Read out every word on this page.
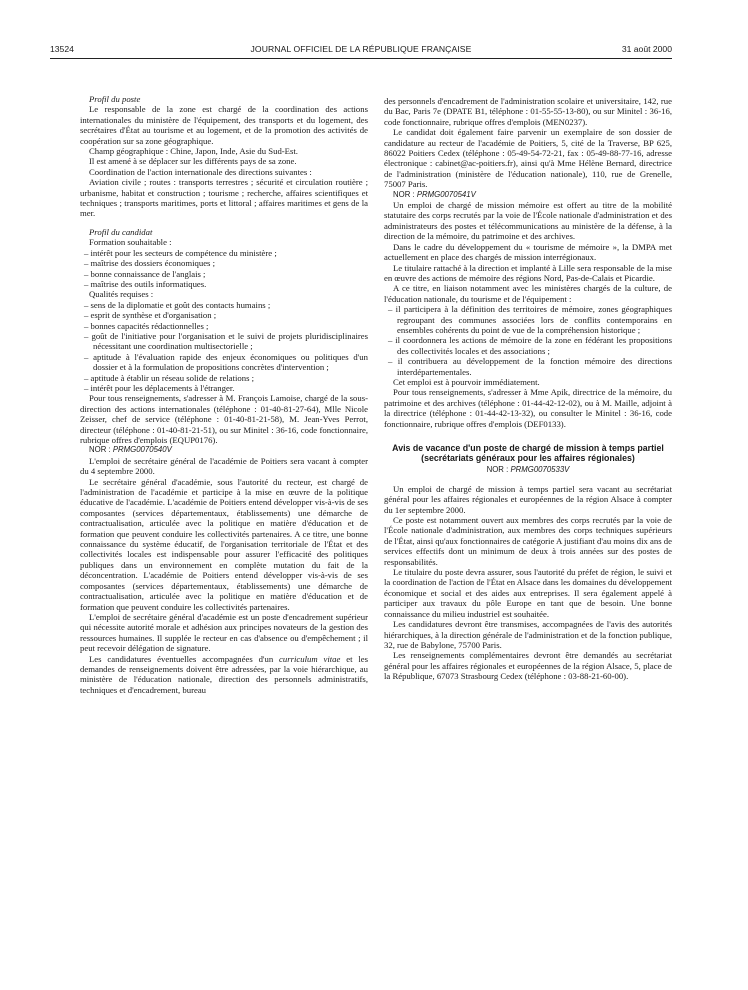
13524	JOURNAL OFFICIEL DE LA RÉPUBLIQUE FRANÇAISE	31 août 2000

Profil du poste

Le responsable de la zone est chargé de la coordination des actions internationales du ministère de l'équipement, des transports et du logement, des secrétaires d'État au tourisme et au logement, et de la promotion des activités de coopération sur sa zone géographique.

Champ géographique : Chine, Japon, Inde, Asie du Sud-Est.

Il est amené à se déplacer sur les différents pays de sa zone.

Coordination de l'action internationale des directions suivantes :

Aviation civile ; routes : transports terrestres ; sécurité et circulation routière ; urbanisme, habitat et construction ; tourisme ; recherche, affaires scientifiques et techniques ; transports maritimes, ports et littoral ; affaires maritimes et gens de la mer.

Profil du candidat

Formation souhaitable :

– intérêt pour les secteurs de compétence du ministère ;

– maîtrise des dossiers économiques ;

– bonne connaissance de l'anglais ;

– maîtrise des outils informatiques.

Qualités requises :

– sens de la diplomatie et goût des contacts humains ;

– esprit de synthèse et d'organisation ;

– bonnes capacités rédactionnelles ;

– goût de l'initiative pour l'organisation et le suivi de projets pluridisciplinaires nécessitant une coordination multisectorielle ;

– aptitude à l'évaluation rapide des enjeux économiques ou politiques d'un dossier et à la formulation de propositions concrètes d'intervention ;

– aptitude à établir un réseau solide de relations ;

– intérêt pour les déplacements à l'étranger.

Pour tous renseignements, s'adresser à M. François Lamoise, chargé de la sous-direction des actions internationales (téléphone : 01-40-81-27-64), Mlle Nicole Zeisser, chef de service (téléphone : 01-40-81-21-58), M. Jean-Yves Perrot, directeur (téléphone : 01-40-81-21-51), ou sur Minitel : 36-16, code fonctionnaire, rubrique offres d'emplois (EQUP0176).

NOR : PRMG0070540V

L'emploi de secrétaire général de l'académie de Poitiers sera vacant à compter du 4 septembre 2000.

Le secrétaire général d'académie, sous l'autorité du recteur, est chargé de l'administration de l'académie et participe à la mise en œuvre de la politique éducative de l'académie. L'académie de Poitiers entend développer vis-à-vis de ses composantes (services départementaux, établissements) une démarche de contractualisation, articulée avec la politique en matière d'éducation et de formation que peuvent conduire les collectivités partenaires. A ce titre, une bonne connaissance du système éducatif, de l'organisation territoriale de l'État et des collectivités locales est indispensable pour assurer l'efficacité des politiques publiques dans un environnement en complète mutation du fait de la déconcentration. L'académie de Poitiers entend développer vis-à-vis de ses composantes (services départementaux, établissements) une démarche de contractualisation, articulée avec la politique en matière d'éducation et de formation que peuvent conduire les collectivités partenaires.

L'emploi de secrétaire général d'académie est un poste d'encadrement supérieur qui nécessite autorité morale et adhésion aux principes novateurs de la gestion des ressources humaines. Il supplée le recteur en cas d'absence ou d'empêchement ; il peut recevoir délégation de signature.

Les candidatures éventuelles accompagnées d'un curriculum vitae et les demandes de renseignements doivent être adressées, par la voie hiérarchique, au ministère de l'éducation nationale, direction des personnels administratifs, techniques et d'encadrement, bureau

des personnels d'encadrement de l'administration scolaire et universitaire, 142, rue du Bac, Paris 7e (DPATE B1, téléphone : 01-55-55-13-80), ou sur Minitel : 36-16, code fonctionnaire, rubrique offres d'emplois (MEN0237).

Le candidat doit également faire parvenir un exemplaire de son dossier de candidature au recteur de l'académie de Poitiers, 5, cité de la Traverse, BP 625, 86022 Poitiers Cedex (téléphone : 05-49-54-72-21, fax : 05-49-88-77-16, adresse électronique : cabinet@ac-poitiers.fr), ainsi qu'à Mme Hélène Bernard, directrice de l'administration (ministère de l'éducation nationale), 110, rue de Grenelle, 75007 Paris.

NOR : PRMG0070541V

Un emploi de chargé de mission mémoire est offert au titre de la mobilité statutaire des corps recrutés par la voie de l'École nationale d'administration et des administrateurs des postes et télécommunications au ministère de la défense, à la direction de la mémoire, du patrimoine et des archives.

Dans le cadre du développement du « tourisme de mémoire », la DMPA met actuellement en place des chargés de mission interrégionaux.

Le titulaire rattaché à la direction et implanté à Lille sera responsable de la mise en œuvre des actions de mémoire des régions Nord, Pas-de-Calais et Picardie.

A ce titre, en liaison notamment avec les ministères chargés de la culture, de l'éducation nationale, du tourisme et de l'équipement :

– il participera à la définition des territoires de mémoire, zones géographiques regroupant des communes associées lors de conflits contemporains en ensembles cohérents du point de vue de la compréhension historique ;

– il coordonnera les actions de mémoire de la zone en fédérant les propositions des collectivités locales et des associations ;

– il contribuera au développement de la fonction mémoire des directions interdépartementales.

Cet emploi est à pourvoir immédiatement.

Pour tous renseignements, s'adresser à Mme Apik, directrice de la mémoire, du patrimoine et des archives (téléphone : 01-44-42-12-02), ou à M. Maille, adjoint à la directrice (téléphone : 01-44-42-13-32), ou consulter le Minitel : 36-16, code fonctionnaire, rubrique offres d'emplois (DEF0133).

Avis de vacance d'un poste de chargé de mission à temps partiel (secrétariats généraux pour les affaires régionales)
NOR : PRMG0070533V

Un emploi de chargé de mission à temps partiel sera vacant au secrétariat général pour les affaires régionales et européennes de la région Alsace à compter du 1er septembre 2000.

Ce poste est notamment ouvert aux membres des corps recrutés par la voie de l'École nationale d'administration, aux membres des corps techniques supérieurs de l'État, ainsi qu'aux fonctionnaires de catégorie A justifiant d'au moins dix ans de services effectifs dont un minimum de deux à trois années sur des postes de responsabilités.

Le titulaire du poste devra assurer, sous l'autorité du préfet de région, le suivi et la coordination de l'action de l'État en Alsace dans les domaines du développement économique et social et des aides aux entreprises. Il sera également appelé à participer aux travaux du pôle Europe en tant que de besoin. Une bonne connaissance du milieu industriel est souhaitée.

Les candidatures devront être transmises, accompagnées de l'avis des autorités hiérarchiques, à la direction générale de l'administration et de la fonction publique, 32, rue de Babylone, 75700 Paris.

Les renseignements complémentaires devront être demandés au secrétariat général pour les affaires régionales et européennes de la région Alsace, 5, place de la République, 67073 Strasbourg Cedex (téléphone : 03-88-21-60-00).
